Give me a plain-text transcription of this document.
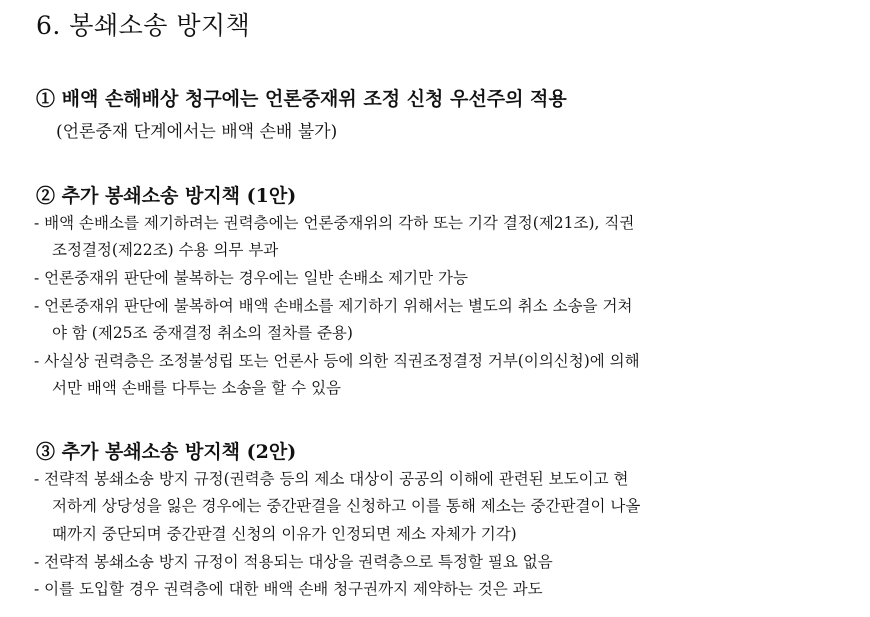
6. 봉쇄소송 방지책
① 배액 손해배상 청구에는 언론중재위 조정 신청 우선주의 적용
(언론중재 단계에서는 배액 손배 불가)
② 추가 봉쇄소송 방지책 (1안)
- 배액 손배소를 제기하려는 권력층에는 언론중재위의 각하 또는 기각 결정(제21조), 직권
조정결정(제22조) 수용 의무 부과
- 언론중재위 판단에 불복하는 경우에는 일반 손배소 제기만 가능
- 언론중재위 판단에 불복하여 배액 손배소를 제기하기 위해서는 별도의 취소 소송을 거쳐
야 함 (제25조 중재결정 취소의 절차를 준용)
- 사실상 권력층은 조정불성립 또는 언론사 등에 의한 직권조정결정 거부(이의신청)에 의해
서만 배액 손배를 다투는 소송을 할 수 있음
③ 추가 봉쇄소송 방지책 (2안)
- 전략적 봉쇄소송 방지 규정(권력층 등의 제소 대상이 공공의 이해에 관련된 보도이고 현
저하게 상당성을 잃은 경우에는 중간판결을 신청하고 이를 통해 제소는 중간판결이 나올
때까지 중단되며 중간판결 신청의 이유가 인정되면 제소 자체가 기각)
- 전략적 봉쇄소송 방지 규정이 적용되는 대상을 권력층으로 특정할 필요 없음
- 이를 도입할 경우 권력층에 대한 배액 손배 청구권까지 제약하는 것은 과도
